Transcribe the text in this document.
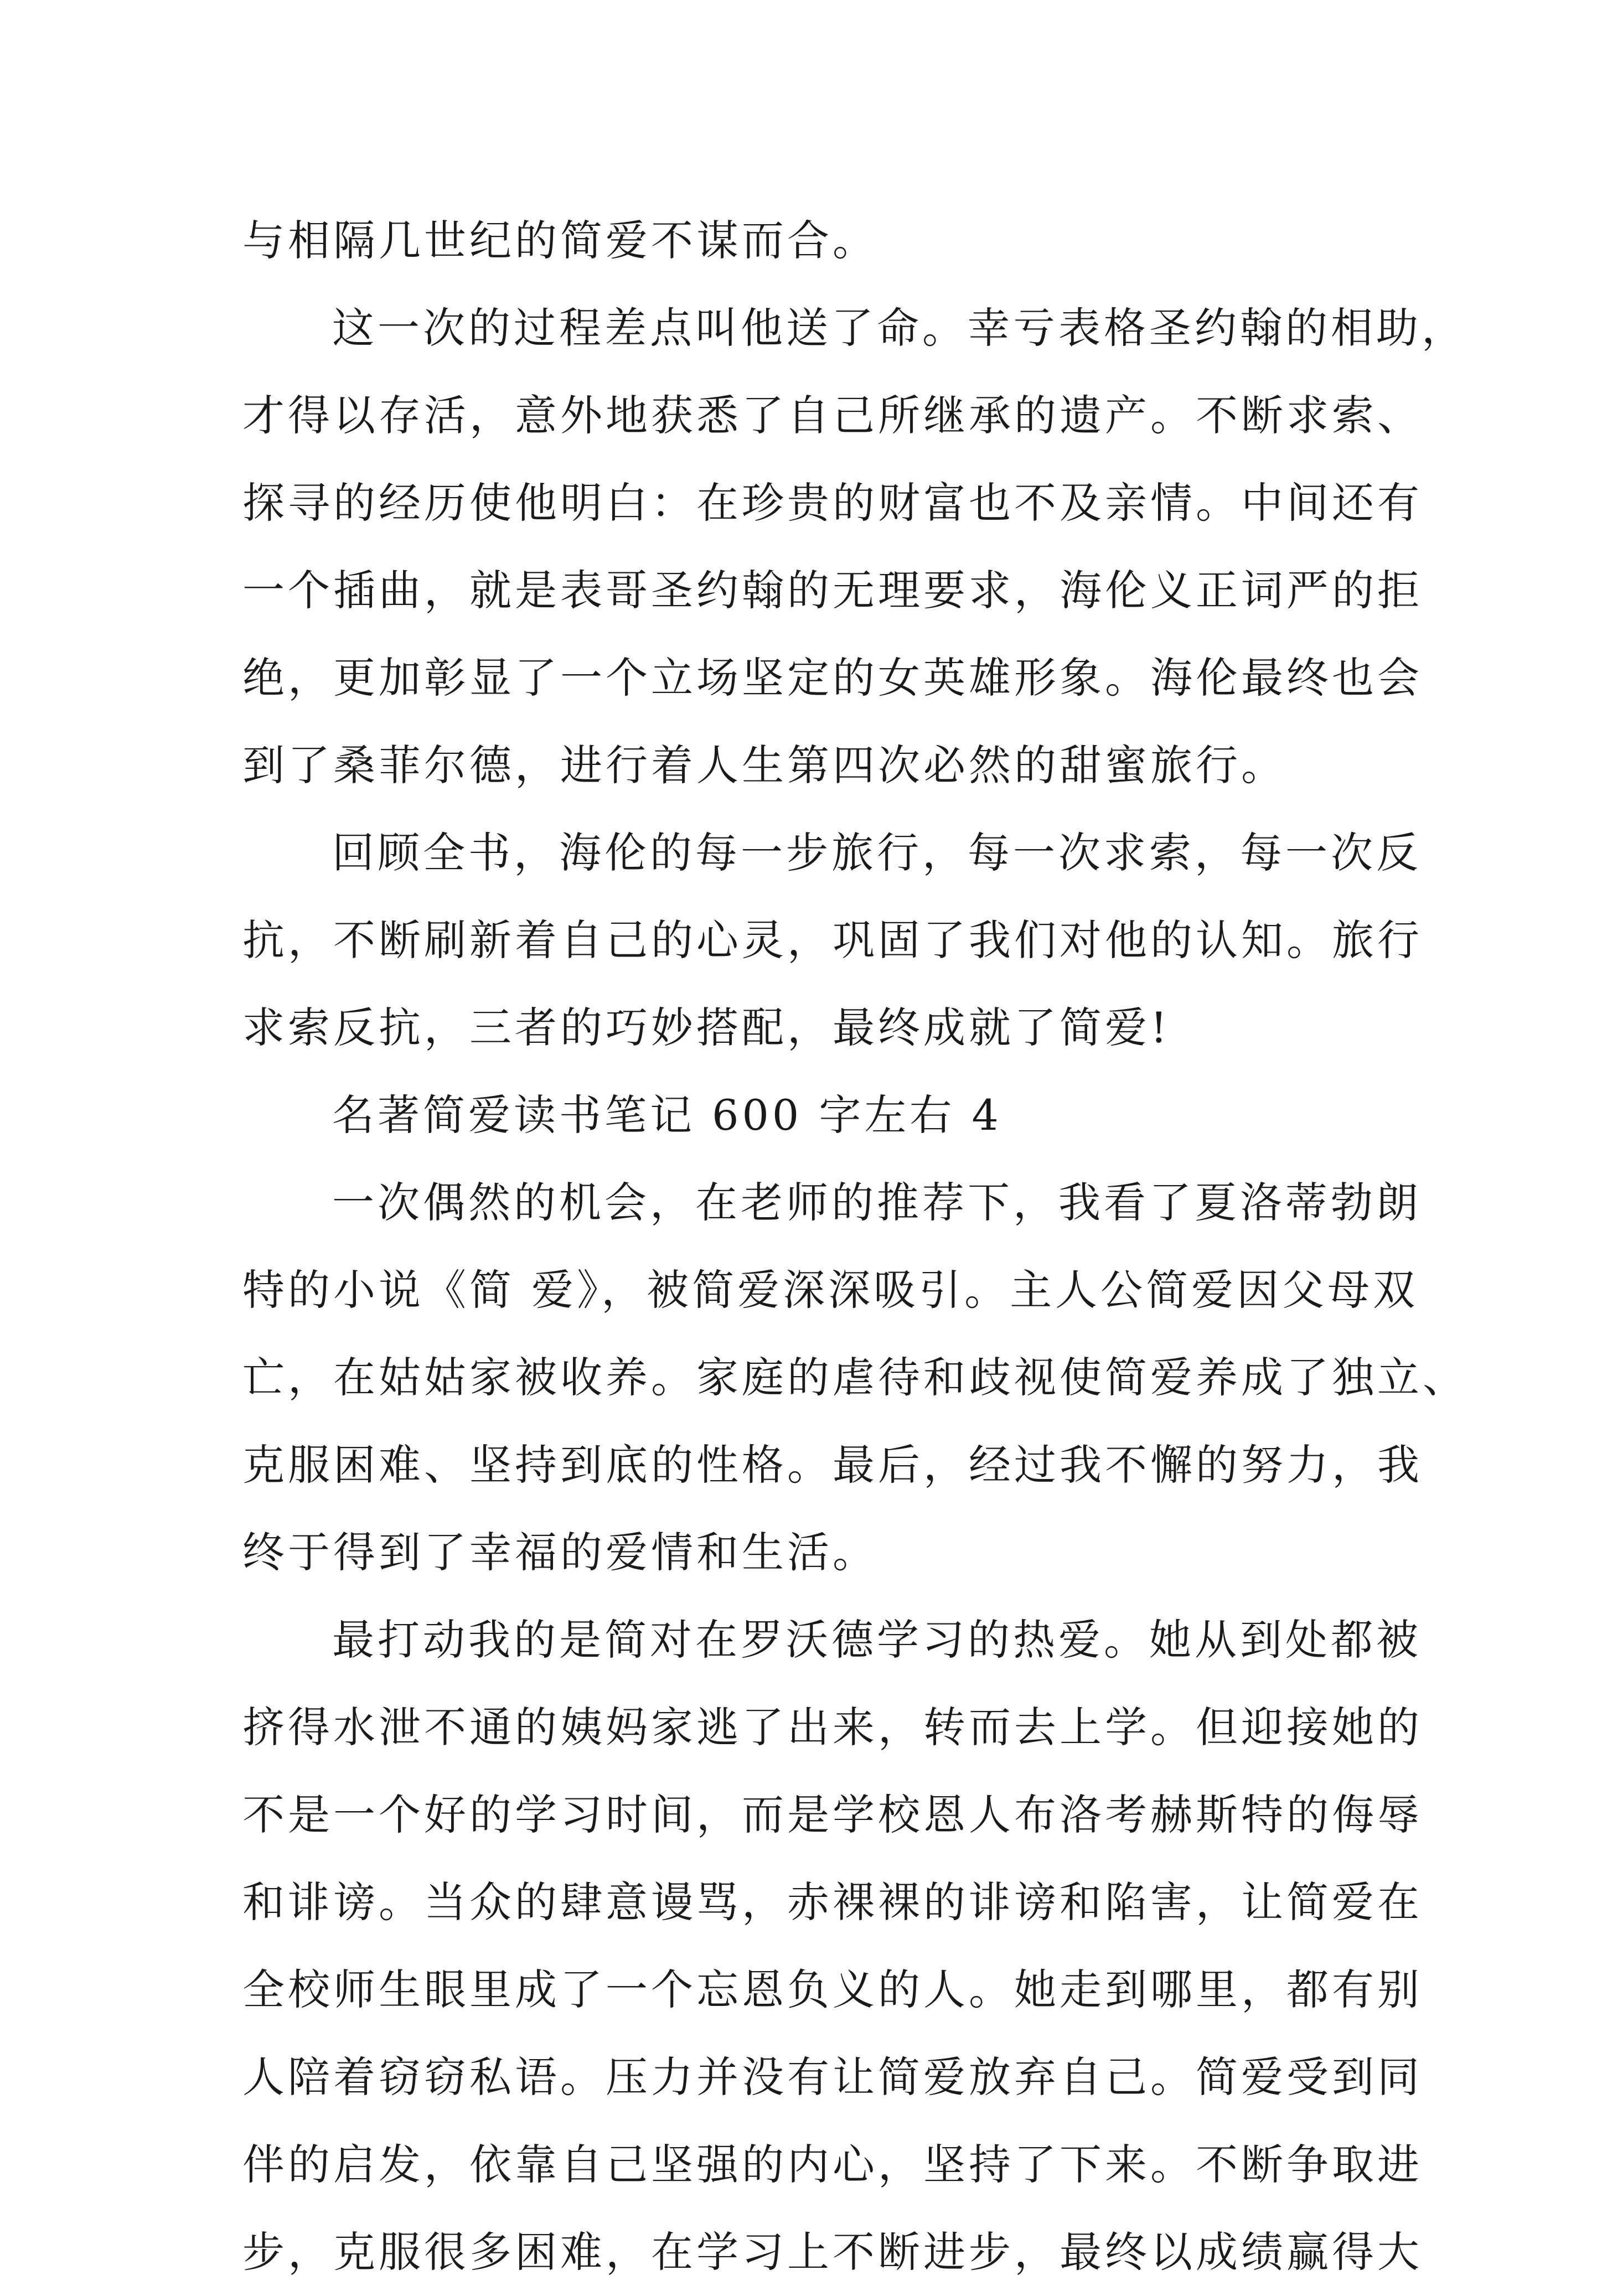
与相隔几世纪的简爱不谋而合。
这一次的过程差点叫他送了命。幸亏表格圣约翰的相助，
才得以存活，意外地获悉了自己所继承的遗产。不断求索、
探寻的经历使他明白：在珍贵的财富也不及亲情。中间还有
一个插曲，就是表哥圣约翰的无理要求，海伦义正词严的拒
绝，更加彰显了一个立场坚定的女英雄形象。海伦最终也会
到了桑菲尔德，进行着人生第四次必然的甜蜜旅行。
回顾全书，海伦的每一步旅行，每一次求索，每一次反
抗，不断刷新着自己的心灵，巩固了我们对他的认知。旅行
求索反抗，三者的巧妙搭配，最终成就了简爱!
名著简爱读书笔记 600 字左右 4
一次偶然的机会，在老师的推荐下，我看了夏洛蒂勃朗
特的小说《简 爱》，被简爱深深吸引。主人公简爱因父母双
亡，在姑姑家被收养。家庭的虐待和歧视使简爱养成了独立、
克服困难、坚持到底的性格。最后，经过我不懈的努力，我
终于得到了幸福的爱情和生活。
最打动我的是简对在罗沃德学习的热爱。她从到处都被
挤得水泄不通的姨妈家逃了出来，转而去上学。但迎接她的
不是一个好的学习时间，而是学校恩人布洛考赫斯特的侮辱
和诽谤。当众的肆意谩骂，赤裸裸的诽谤和陷害，让简爱在
全校师生眼里成了一个忘恩负义的人。她走到哪里，都有别
人陪着窃窃私语。压力并没有让简爱放弃自己。简爱受到同
伴的启发，依靠自己坚强的内心，坚持了下来。不断争取进
步，克服很多困难，在学习上不断进步，最终以成绩赢得大
